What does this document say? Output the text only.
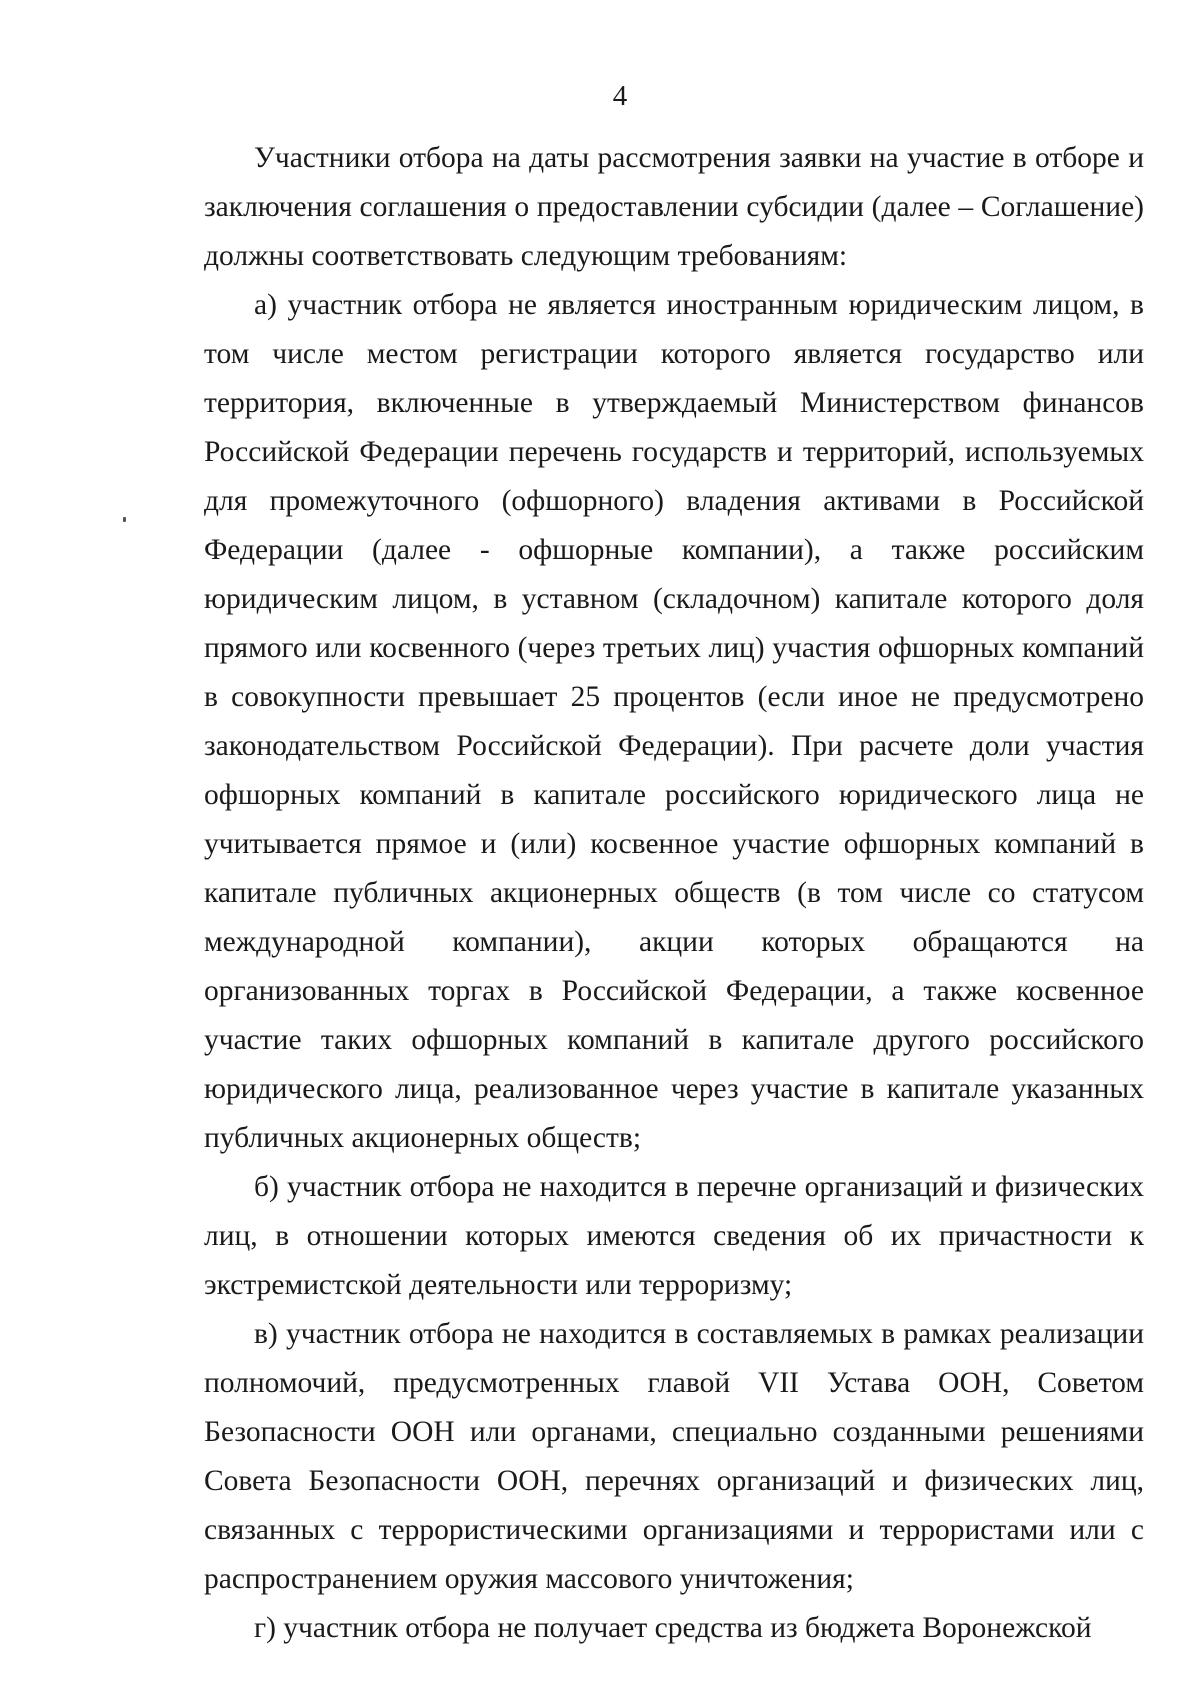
4

Участники отбора на даты рассмотрения заявки на участие в отборе и заключения соглашения о предоставлении субсидии (далее – Соглашение) должны соответствовать следующим требованиям:

а) участник отбора не является иностранным юридическим лицом, в том числе местом регистрации которого является государство или территория, включенные в утверждаемый Министерством финансов Российской Федерации перечень государств и территорий, используемых для промежуточного (офшорного) владения активами в Российской Федерации (далее - офшорные компании), а также российским юридическим лицом, в уставном (складочном) капитале которого доля прямого или косвенного (через третьих лиц) участия офшорных компаний в совокупности превышает 25 процентов (если иное не предусмотрено законодательством Российской Федерации). При расчете доли участия офшорных компаний в капитале российского юридического лица не учитывается прямое и (или) косвенное участие офшорных компаний в капитале публичных акционерных обществ (в том числе со статусом международной компании), акции которых обращаются на организованных торгах в Российской Федерации, а также косвенное участие таких офшорных компаний в капитале другого российского юридического лица, реализованное через участие в капитале указанных публичных акционерных обществ;

б) участник отбора не находится в перечне организаций и физических лиц, в отношении которых имеются сведения об их причастности к экстремистской деятельности или терроризму;

в) участник отбора не находится в составляемых в рамках реализации полномочий, предусмотренных главой VII Устава ООН, Советом Безопасности ООН или органами, специально созданными решениями Совета Безопасности ООН, перечнях организаций и физических лиц, связанных с террористическими организациями и террористами или с распространением оружия массового уничтожения;

г) участник отбора не получает средства из бюджета Воронежской
